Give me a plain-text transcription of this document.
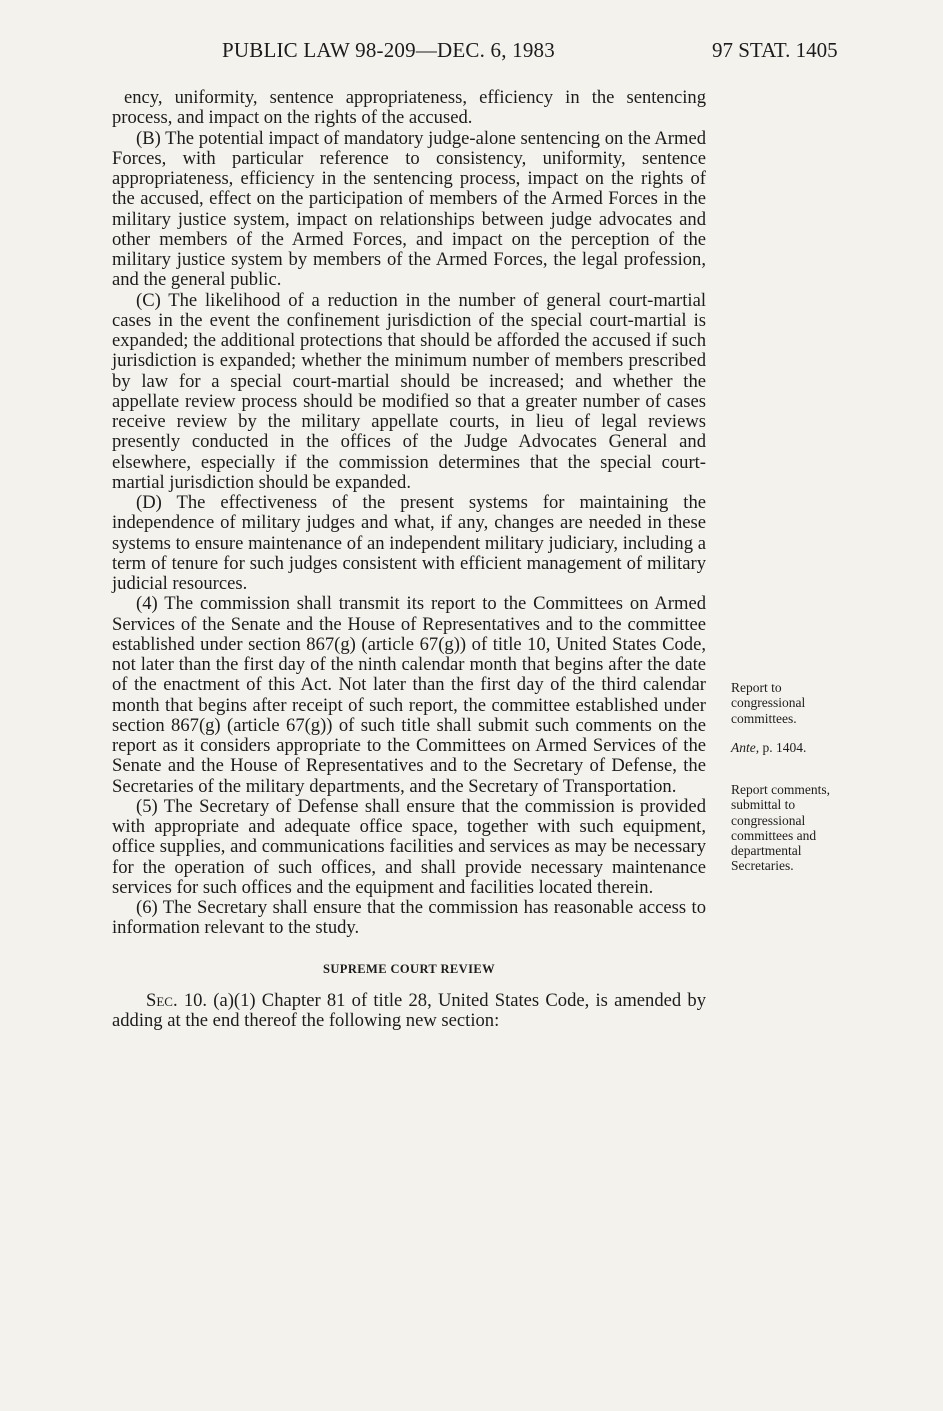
PUBLIC LAW 98-209—DEC. 6, 1983	97 STAT. 1405

ency, uniformity, sentence appropriateness, efficiency in the sentencing process, and impact on the rights of the accused.

(B) The potential impact of mandatory judge-alone sentencing on the Armed Forces, with particular reference to consistency, uniformity, sentence appropriateness, efficiency in the sentencing process, impact on the rights of the accused, effect on the participation of members of the Armed Forces in the military justice system, impact on relationships between judge advocates and other members of the Armed Forces, and impact on the perception of the military justice system by members of the Armed Forces, the legal profession, and the general public.

(C) The likelihood of a reduction in the number of general court-martial cases in the event the confinement jurisdiction of the special court-martial is expanded; the additional protections that should be afforded the accused if such jurisdiction is expanded; whether the minimum number of members prescribed by law for a special court-martial should be increased; and whether the appellate review process should be modified so that a greater number of cases receive review by the military appellate courts, in lieu of legal reviews presently conducted in the offices of the Judge Advocates General and elsewhere, especially if the commission determines that the special court-martial jurisdiction should be expanded.

(D) The effectiveness of the present systems for maintaining the independence of military judges and what, if any, changes are needed in these systems to ensure maintenance of an independent military judiciary, including a term of tenure for such judges consistent with efficient management of military judicial resources.

(4) The commission shall transmit its report to the Committees on Armed Services of the Senate and the House of Representatives and to the committee established under section 867(g) (article 67(g)) of title 10, United States Code, not later than the first day of the ninth calendar month that begins after the date of the enactment of this Act. Not later than the first day of the third calendar month that begins after receipt of such report, the committee established under section 867(g) (article 67(g)) of such title shall submit such comments on the report as it considers appropriate to the Committees on Armed Services of the Senate and the House of Representatives and to the Secretary of Defense, the Secretaries of the military departments, and the Secretary of Transportation.

(5) The Secretary of Defense shall ensure that the commission is provided with appropriate and adequate office space, together with such equipment, office supplies, and communications facilities and services as may be necessary for the operation of such offices, and shall provide necessary maintenance services for such offices and the equipment and facilities located therein.

(6) The Secretary shall ensure that the commission has reasonable access to information relevant to the study.

SUPREME COURT REVIEW

Sec. 10. (a)(1) Chapter 81 of title 28, United States Code, is amended by adding at the end thereof the following new section:

Report to congressional committees.
Ante, p. 1404.
Report comments, submittal to congressional committees and departmental Secretaries.
